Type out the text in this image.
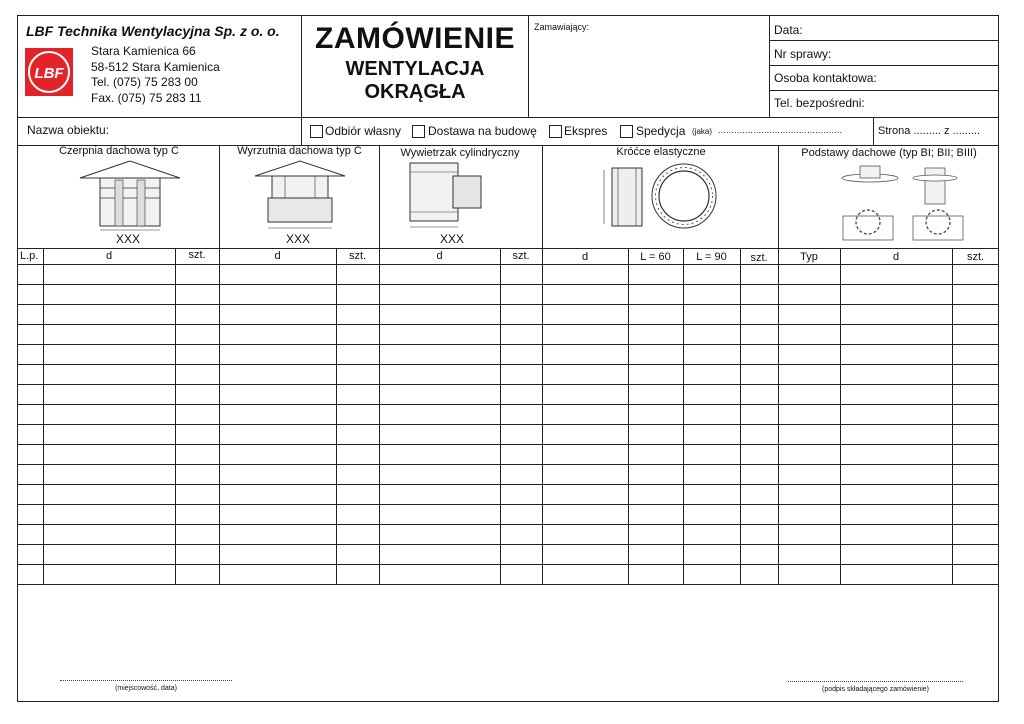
LBF Technika Wentylacyjna Sp. z o. o.
LBF
Stara Kamienica 66
58-512 Stara Kamienica
Tel. (075) 75 283 00
Fax. (075) 75 283 11
ZAMÓWIENIE
WENTYLACJA
OKRĄGŁA
Zamawiający:	Data:
Nr sprawy:
Osoba kontaktowa:
Tel. bezpośredni:
Nazwa obiektu:	Odbiór własny Dostawa na budowę Ekspres Spedycja (jaka) ..............................................	Strona ......... z .........
Czerpnia dachowa typ C	Wyrzutnia dachowa typ C	Wywietrzak cylindryczny	Króćce elastyczne	Podstawy dachowe (typ BI; BII; BIII)
XXX	XXX	XXX
L.p.	d	szt.	d	szt.	d	szt.	d	L = 60	L = 90	szt.	Typ	d	szt.
(miejscowość, data)	(podpis składającego zamówienie)
